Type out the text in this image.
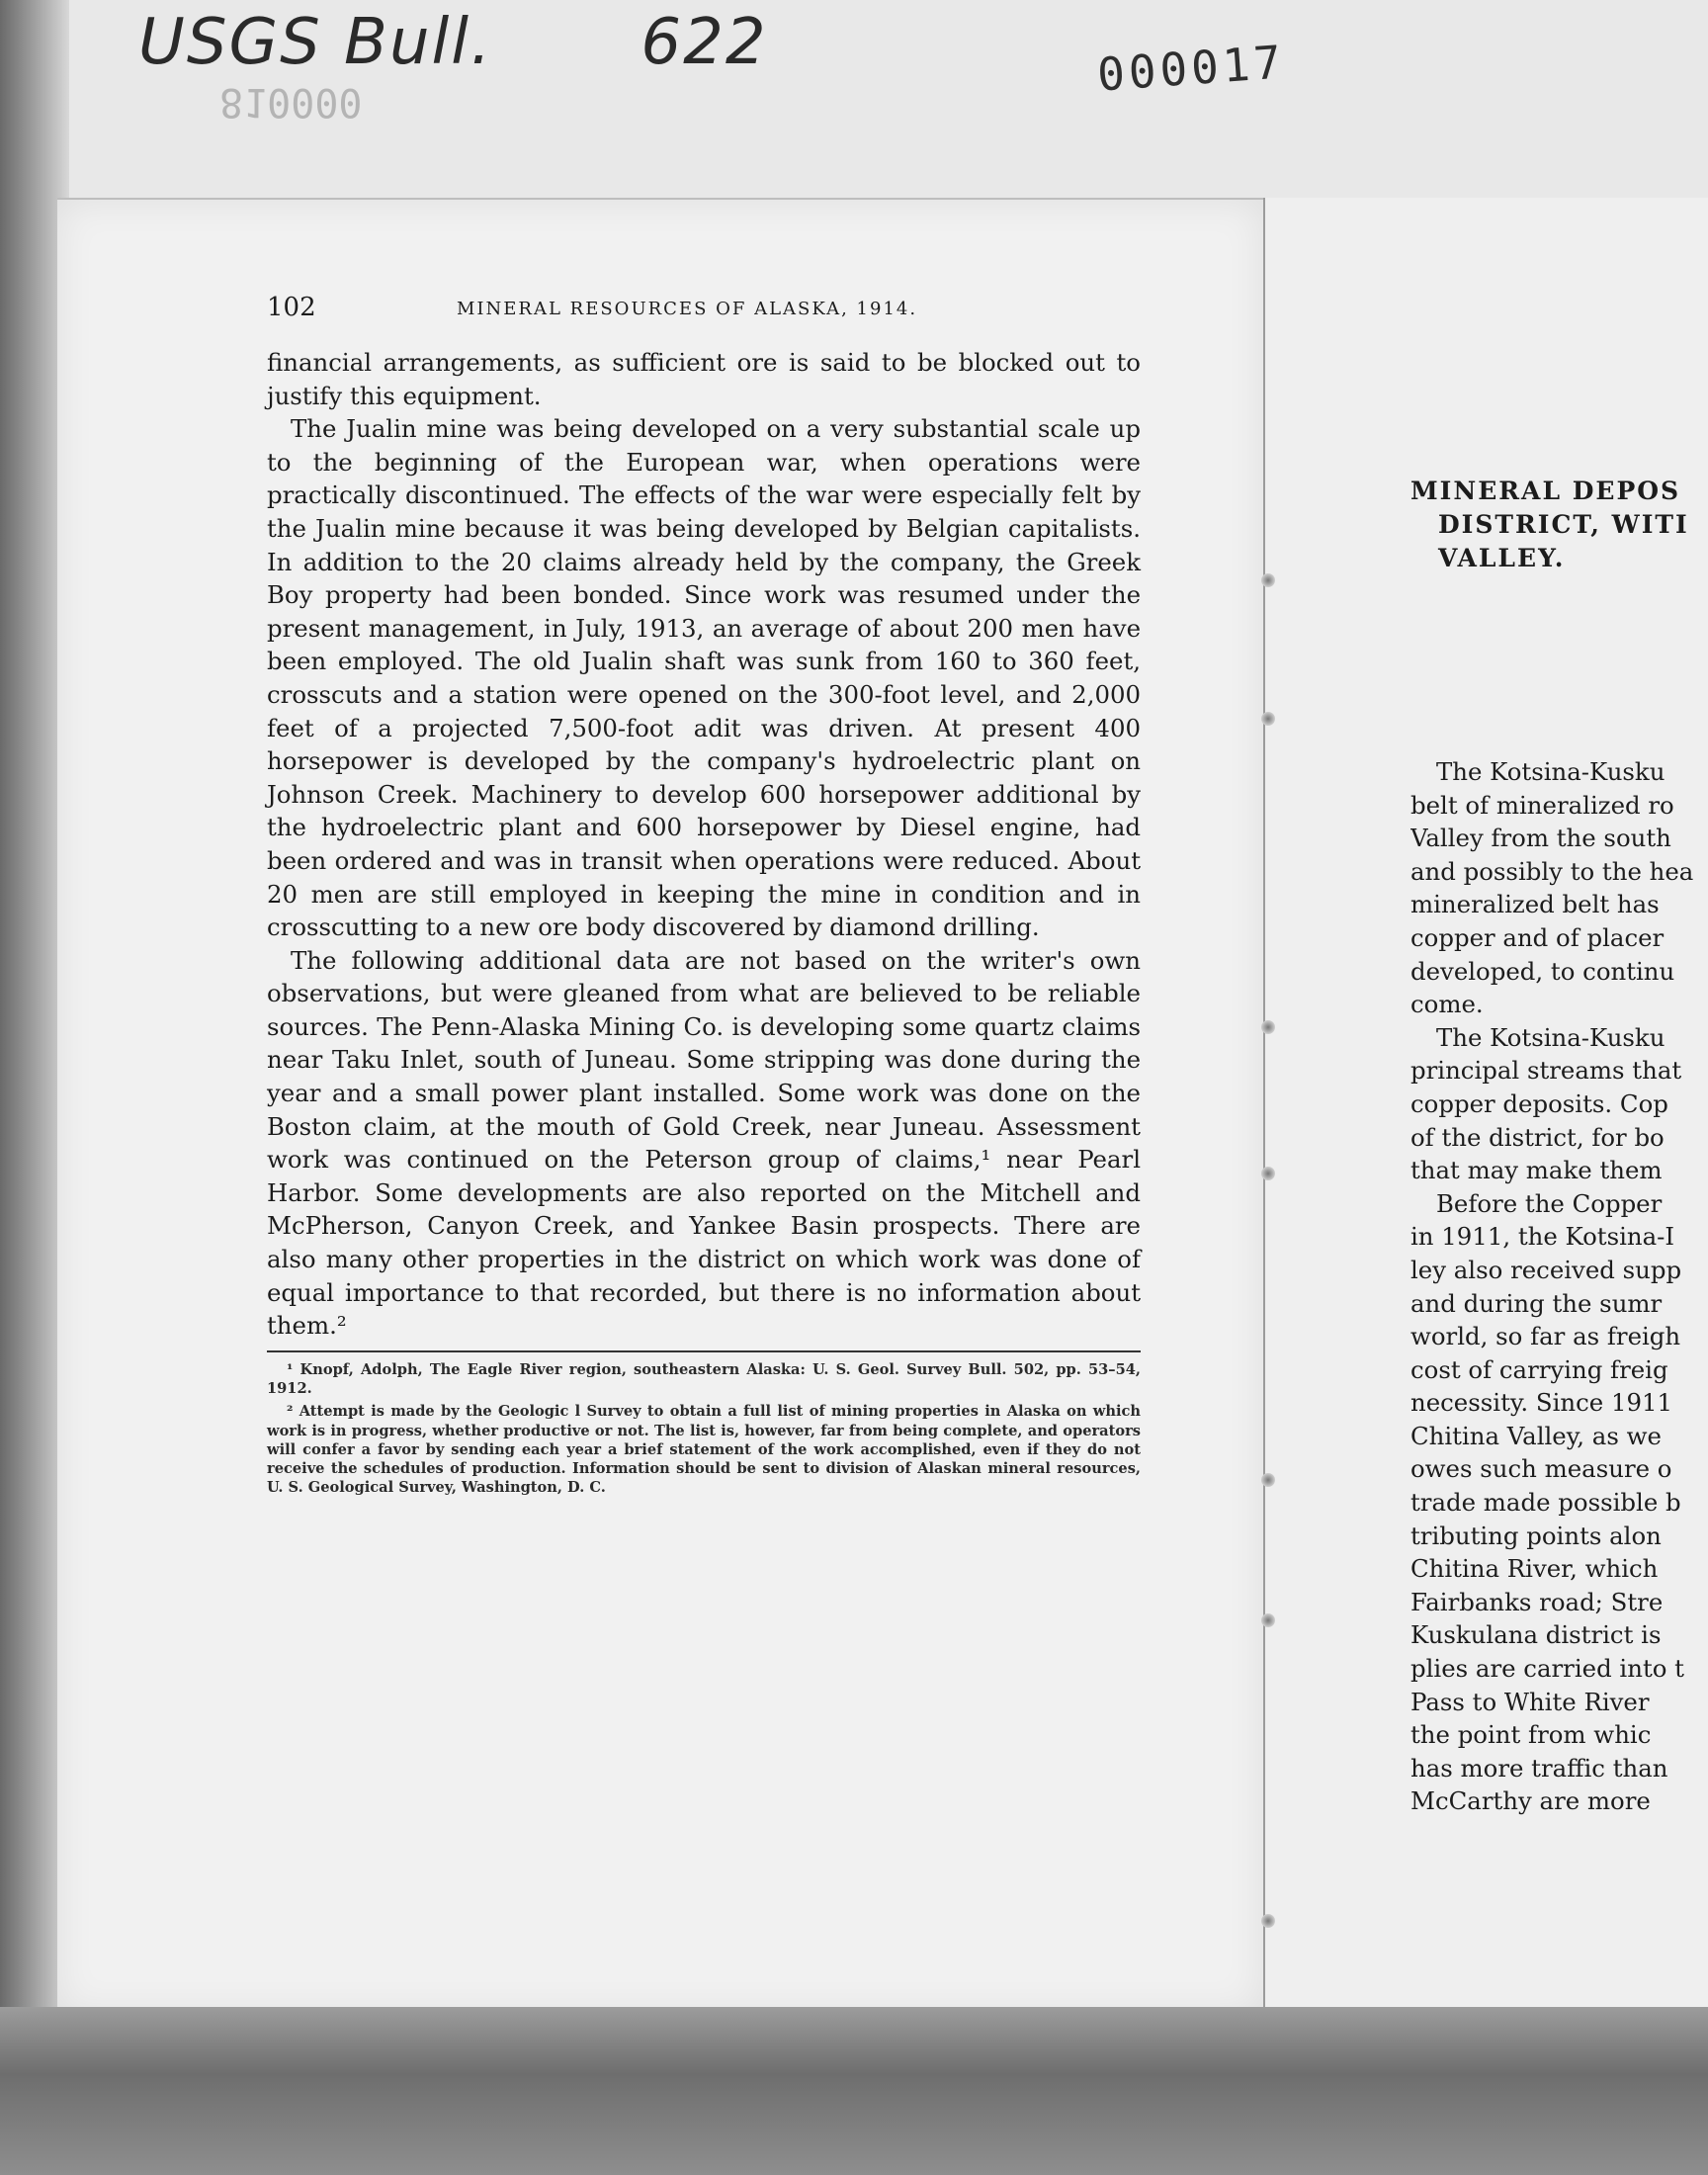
USGS Bull. 622

810000

000017

102	MINERAL RESOURCES OF ALASKA, 1914.

financial arrangements, as sufficient ore is said to be blocked out to justify this equipment.

The Jualin mine was being developed on a very substantial scale up to the beginning of the European war, when operations were practically discontinued. The effects of the war were especially felt by the Jualin mine because it was being developed by Belgian capitalists. In addition to the 20 claims already held by the company, the Greek Boy property had been bonded. Since work was resumed under the present management, in July, 1913, an average of about 200 men have been employed. The old Jualin shaft was sunk from 160 to 360 feet, crosscuts and a station were opened on the 300-foot level, and 2,000 feet of a projected 7,500-foot adit was driven. At present 400 horsepower is developed by the company's hydroelectric plant on Johnson Creek. Machinery to develop 600 horsepower additional by the hydroelectric plant and 600 horsepower by Diesel engine, had been ordered and was in transit when operations were reduced. About 20 men are still employed in keeping the mine in condition and in crosscutting to a new ore body discovered by diamond drilling.

The following additional data are not based on the writer's own observations, but were gleaned from what are believed to be reliable sources. The Penn-Alaska Mining Co. is developing some quartz claims near Taku Inlet, south of Juneau. Some stripping was done during the year and a small power plant installed. Some work was done on the Boston claim, at the mouth of Gold Creek, near Juneau. Assessment work was continued on the Peterson group of claims,¹ near Pearl Harbor. Some developments are also reported on the Mitchell and McPherson, Canyon Creek, and Yankee Basin prospects. There are also many other properties in the district on which work was done of equal importance to that recorded, but there is no information about them.²

¹ Knopf, Adolph, The Eagle River region, southeastern Alaska: U. S. Geol. Survey Bull. 502, pp. 53–54, 1912.

² Attempt is made by the Geologic l Survey to obtain a full list of mining properties in Alaska on which work is in progress, whether productive or not. The list is, however, far from being complete, and operators will confer a favor by sending each year a brief statement of the work accomplished, even if they do not receive the schedules of production. Information should be sent to division of Alaskan mineral resources, U. S. Geological Survey, Washington, D. C.

MINERAL DEPOS
DISTRICT, WITI
VALLEY.
The Kotsina-Kusku
belt of mineralized ro
Valley from the south
and possibly to the hea
mineralized belt has
copper and of placer
developed, to continu
come.
The Kotsina-Kusku
principal streams that
copper deposits. Cop
of the district, for bo
that may make them
Before the Copper
in 1911, the Kotsina-I
ley also received supp
and during the sumr
world, so far as freigh
cost of carrying freig
necessity. Since 1911
Chitina Valley, as we
owes such measure o
trade made possible b
tributing points alon
Chitina River, which
Fairbanks road; Stre
Kuskulana district is
plies are carried into t
Pass to White River
the point from whic
has more traffic than
McCarthy are more
